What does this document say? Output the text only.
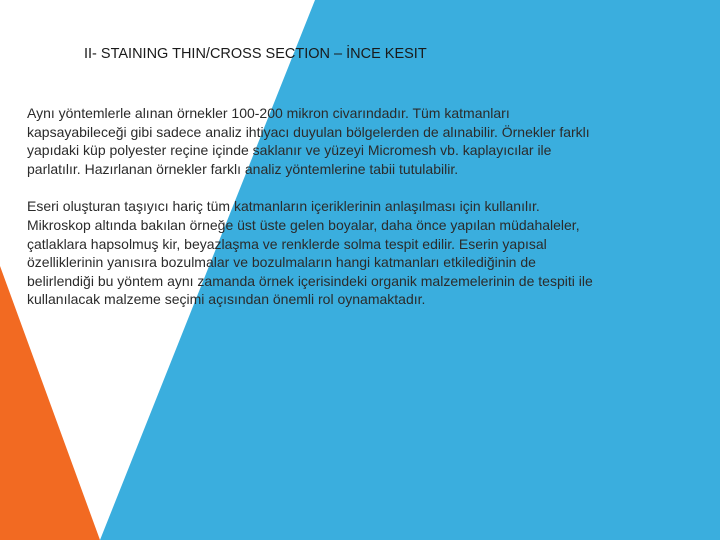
II- STAINING THIN/CROSS SECTION – İNCE KESIT

Aynı yöntemlerle alınan örnekler 100-200 mikron civarındadır. Tüm katmanları
kapsayabileceği gibi sadece analiz ihtiyacı duyulan bölgelerden de alınabilir. Örnekler farklı
yapıdaki küp polyester reçine içinde saklanır ve yüzeyi Micromesh vb. kaplayıcılar ile
parlatılır. Hazırlanan örnekler farklı analiz yöntemlerine tabii tutulabilir.

Eseri oluşturan taşıyıcı hariç tüm katmanların içeriklerinin anlaşılması için kullanılır.
Mikroskop altında bakılan örneğe üst üste gelen boyalar, daha önce yapılan müdahaleler,
çatlaklara hapsolmuş kir, beyazlaşma ve renklerde solma tespit edilir. Eserin yapısal
özelliklerinin yanısıra bozulmalar ve bozulmaların hangi katmanları etkilediğinin de
belirlendiği bu yöntem aynı zamanda örnek içerisindeki organik malzemelerinin de tespiti ile
kullanılacak malzeme seçimi açısından önemli rol oynamaktadır.
